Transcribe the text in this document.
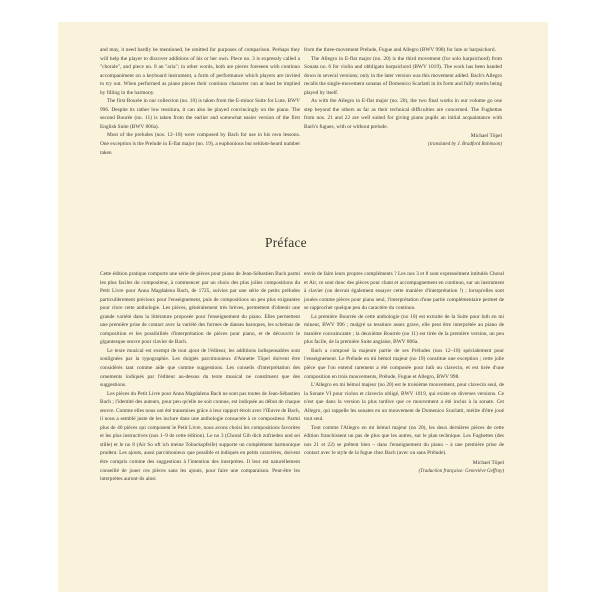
and may, it need hardly be mentioned, be omitted for purposes of comparison. Perhaps they will help the player to discover additions of his or her own. Piece no. 3 is expressly called a "chorale", and piece no. 8 an "aria"; in other words, both are pieces foreseen with continuo accompaniment on a keyboard instrument, a form of performance which players are invited to try out. When performed as piano pieces their continuo character can at least be implied by filling in the harmony.

The first Bourée in our collection (no. 10) is taken from the E-minor Suite for Lute, BWV 996. Despite its rather low tessitura, it can also be played convincingly on the piano. The second Bourée (no. 11) is taken from the earlier and somewhat easier version of the first English Suite (BWV 806a).

Most of the preludes (nos. 12–18) were composed by Bach for use in his own lessons. One exception is the Prelude in E-flat major (no. 19), a euphonious but seldom-heard number taken

from the three-movement Prelude, Fugue and Allegro (BWV 998) for lute or harpsichord.

The Allegro in E-flat major (no. 20) is the third movement (for solo harpsichord) from Sonata no. 6 for violin and obbligato harpsichord (BWV 1019). The work has been handed down in several versions; only in the later version was this movement added. Bach's Allegro recalls the single-movement sonatas of Domenico Scarlatti in its form and fully merits being played by itself.

As with the Allegro in E-flat major (no. 20), the two final works in our volume go one step beyond the others as far as their technical difficulties are concerned. The Fughettas from nos. 21 and 22 are well suited for giving piano pupils an initial acquaintance with Bach's fugues, with or without prelude.

Michael Töpel

(translated by J. Bradford Robinson)

Préface

Cette édition pratique comporte une série de pièces pour piano de Jean-Sébastien Bach parmi les plus faciles du compositeur, à commencer par un choix des plus jolies compositions du Petit Livre pour Anna Magdalena Bach, de 1725, suivies par une série de petits préludes particulièrement précieux pour l'enseignement, puis de compositions un peu plus exigeantes pour clore cette anthologie. Les pièces, généralement très brèves, permettent d'obtenir une grande variété dans la littérature proposée pour l'enseignement du piano. Elles permettent une première prise de contact avec la variété des formes de danses baroques, les schémas de composition et les possibilités d'interprétation de pièces pour piano, et de découvrir le gigantesque œuvre pour clavier de Bach.

Le texte musical est exempt de tout ajout de l'éditeur, les additions indispensables sont soulignées par la typographie. Les doigtés parcimonieux d'Annette Töpel doivent être considérés tant comme aide que comme suggestions. Les conseils d'interprétation des ornements indiqués par l'éditeur au-dessus du texte musical ne constituent que des suggestions.

Les pièces du Petit Livre pour Anna Magdalena Bach ne sont pas toutes de Jean-Sébastien Bach ; l'identité des auteurs, pour peu qu'elle ne soit connue, est indiquée au début de chaque œuvre. Comme elles nous ont été transmises grâce à leur rapport étroit avec l'Œuvre de Bach, il nous a semblé juste de les inclure dans une anthologie consacrée à ce compositeur. Parmi plus de 40 pièces qui composent le Petit Livre, nous avons choisi les compositions favorites et les plus instructives (nos 1–9 de cette édition). Le no 3 (Choral Gib dich zufrieden und sei stille) et le no 8 (Air So oft ich meine Tobackspfeife) supporte un complément harmonique prudent. Les ajouts, aussi parcimonieux que possible et indiqués en petits caractères, doivent être compris comme des suggestions à l'intention des interprètes. Il leur est naturellement conseillé de jouer ces pièces sans les ajouts, pour faire une comparaison. Peut-être les interprètes auront-ils ainsi

envie de faire leurs propres compléments ? Les nos 3 et 8 sont expressément intitulés Choral et Air, ce sont donc des pièces pour chant et accompagnement en continuo, sur un instrument à clavier (on devrait également essayer cette manière d'interprétation !) ; lorsqu'elles sont jouées comme pièces pour piano seul, l'interprétation d'une partie complémentaire permet de se rapprocher quelque peu du caractère du continuo.

La première Bourrée de cette anthologie (no 10) est extraite de la Suite pour luth en mi mineur, BWV 996 ; malgré sa tessiture assez grave, elle peut être interprétée au piano de manière convaincante ; la deuxième Bourrée (no 11) est tirée de la première version, un peu plus facile, de la première Suite anglaise, BWV 806a.

Bach a composé la majeure partie de ses Préludes (nos 12–18) spécialement pour l'enseignement. Le Prélude en mi bémol majeur (no 19) constitue une exception ; cette jolie pièce que l'on entend rarement a été composée pour luth ou clavecin, et est tirée d'une composition en trois mouvements, Prélude, Fugue et Allegro, BWV 998.

L'Allegro en mi bémol majeur (no 20) est le troisième mouvement, pour clavecin seul, de la Sonate VI pour violon et clavecin obligé, BWV 1019, qui existe en diverses versions. Ce n'est que dans la version la plus tardive que ce mouvement a été inclus à la sonate. Cet Allegro, qui rappelle les sonates en un mouvement de Domenico Scarlatti, mérite d'être joué tout seul.

Tout comme l'Allegro en mi bémol majeur (no 20), les deux dernières pièces de cette édition franchissent un pas de plus que les autres, sur le plan technique. Les Fughettes (des nos 21 et 22) se prêtent bien – dans l'enseignement du piano – à une première prise de contact avec le style de la fugue chez Bach (avec ou sans Prélude).

Michael Töpel

(Traduction française: Geneviève Geffray)
